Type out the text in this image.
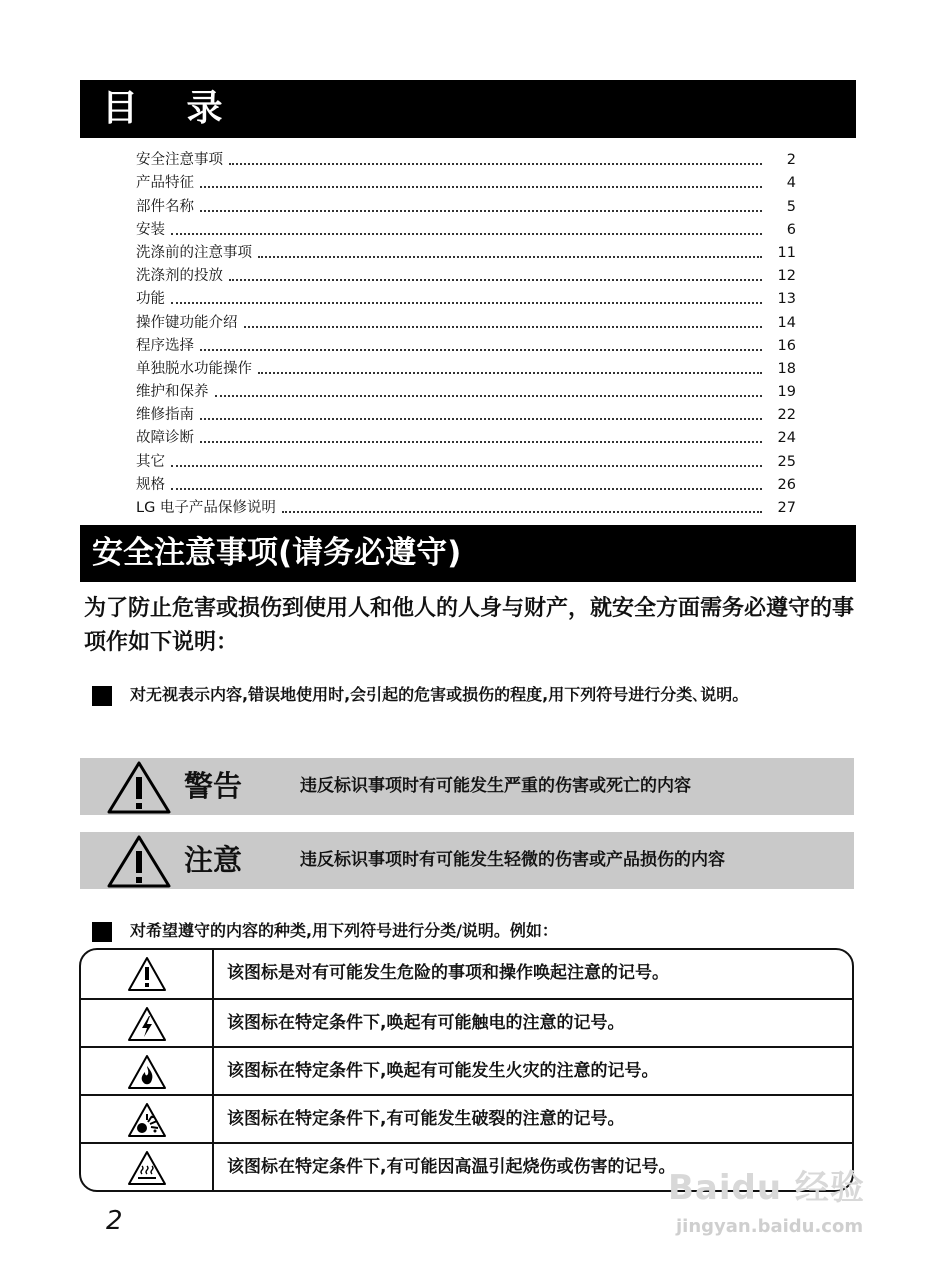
目 录
安全注意事项	2
产品特征	4
部件名称	5
安装	6
洗涤前的注意事项	11
洗涤剂的投放	12
功能	13
操作键功能介绍	14
程序选择	16
单独脱水功能操作	18
维护和保养	19
维修指南	22
故障诊断	24
其它	25
规格	26
LG 电子产品保修说明	27
安全注意事项(请务必遵守)
为了防止危害或损伤到使用人和他人的人身与财产，就安全方面需务必遵守的事项作如下说明：
对无视表示内容,错误地使用时,会引起的危害或损伤的程度,用下列符号进行分类､说明。
警告	违反标识事项时有可能发生严重的伤害或死亡的内容
注意	违反标识事项时有可能发生轻微的伤害或产品损伤的内容
对希望遵守的内容的种类,用下列符号进行分类/说明。例如：
该图标是对有可能发生危险的事项和操作唤起注意的记号。
该图标在特定条件下,唤起有可能触电的注意的记号。
该图标在特定条件下,唤起有可能发生火灾的注意的记号。
该图标在特定条件下,有可能发生破裂的注意的记号。
该图标在特定条件下,有可能因高温引起烧伤或伤害的记号。
2
Baidu 经验
jingyan.baidu.com
